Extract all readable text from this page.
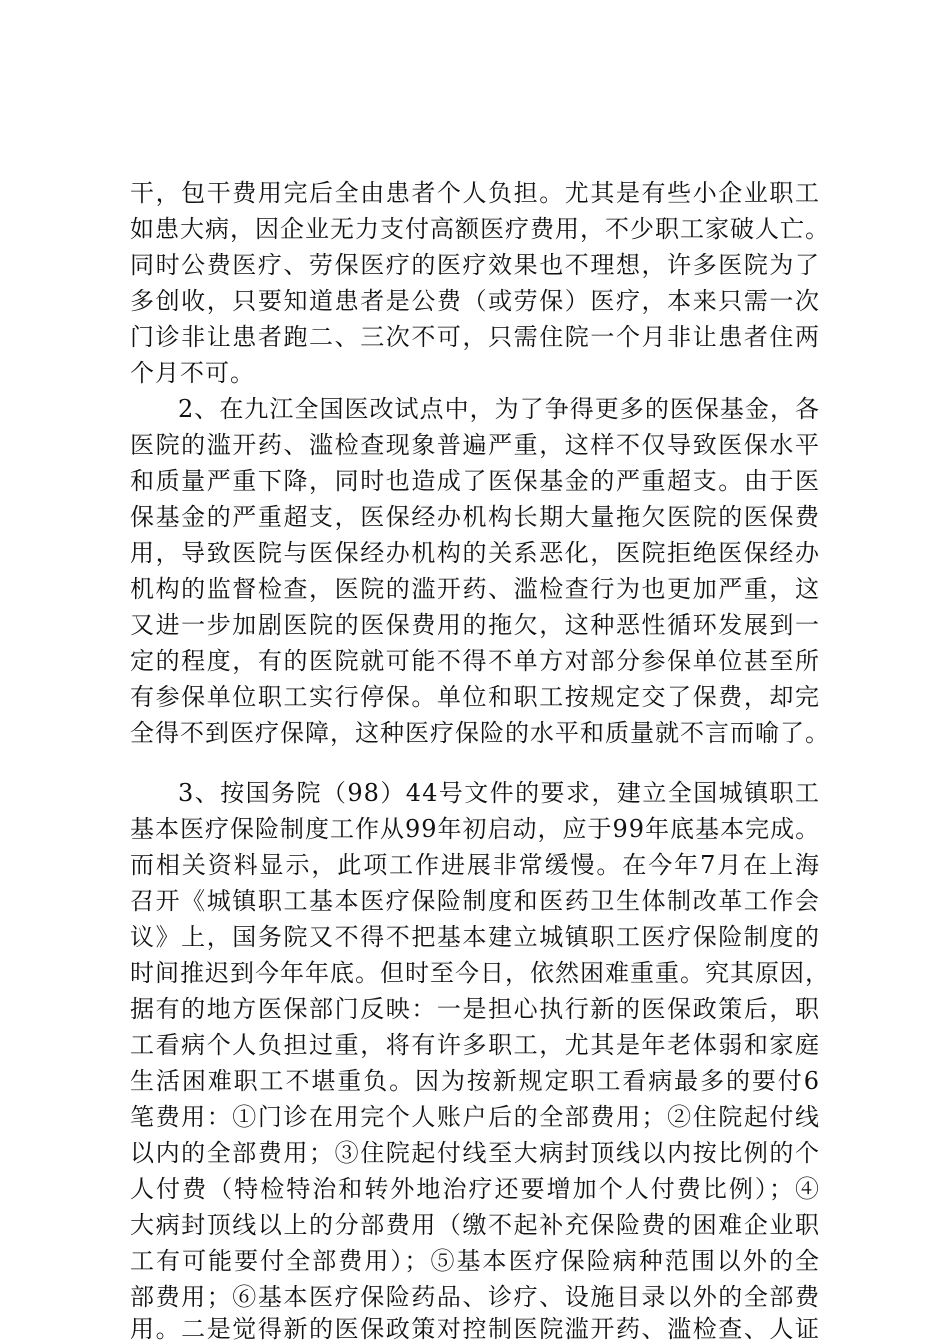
干，包干费用完后全由患者个人负担。尤其是有些小企业职工
如患大病，因企业无力支付高额医疗费用，不少职工家破人亡。
同时公费医疗、劳保医疗的医疗效果也不理想，许多医院为了
多创收，只要知道患者是公费（或劳保）医疗，本来只需一次
门诊非让患者跑二、三次不可，只需住院一个月非让患者住两
个月不可。
2、在九江全国医改试点中，为了争得更多的医保基金，各
医院的滥开药、滥检查现象普遍严重，这样不仅导致医保水平
和质量严重下降，同时也造成了医保基金的严重超支。由于医
保基金的严重超支，医保经办机构长期大量拖欠医院的医保费
用，导致医院与医保经办机构的关系恶化，医院拒绝医保经办
机构的监督检查，医院的滥开药、滥检查行为也更加严重，这
又进一步加剧医院的医保费用的拖欠，这种恶性循环发展到一
定的程度，有的医院就可能不得不单方对部分参保单位甚至所
有参保单位职工实行停保。单位和职工按规定交了保费，却完
全得不到医疗保障，这种医疗保险的水平和质量就不言而喻了。
3、按国务院（98）44号文件的要求，建立全国城镇职工
基本医疗保险制度工作从99年初启动，应于99年底基本完成。
而相关资料显示，此项工作进展非常缓慢。在今年7月在上海
召开《城镇职工基本医疗保险制度和医药卫生体制改革工作会
议》上，国务院又不得不把基本建立城镇职工医疗保险制度的
时间推迟到今年年底。但时至今日，依然困难重重。究其原因，
据有的地方医保部门反映：一是担心执行新的医保政策后，职
工看病个人负担过重，将有许多职工，尤其是年老体弱和家庭
生活困难职工不堪重负。因为按新规定职工看病最多的要付6
笔费用：①门诊在用完个人账户后的全部费用；②住院起付线
以内的全部费用；③住院起付线至大病封顶线以内按比例的个
人付费（特检特治和转外地治疗还要增加个人付费比例）；④
大病封顶线以上的分部费用（缴不起补充保险费的困难企业职
工有可能要付全部费用）；⑤基本医疗保险病种范围以外的全
部费用；⑥基本医疗保险药品、诊疗、设施目录以外的全部费
用。二是觉得新的医保政策对控制医院滥开药、滥检查、人证
